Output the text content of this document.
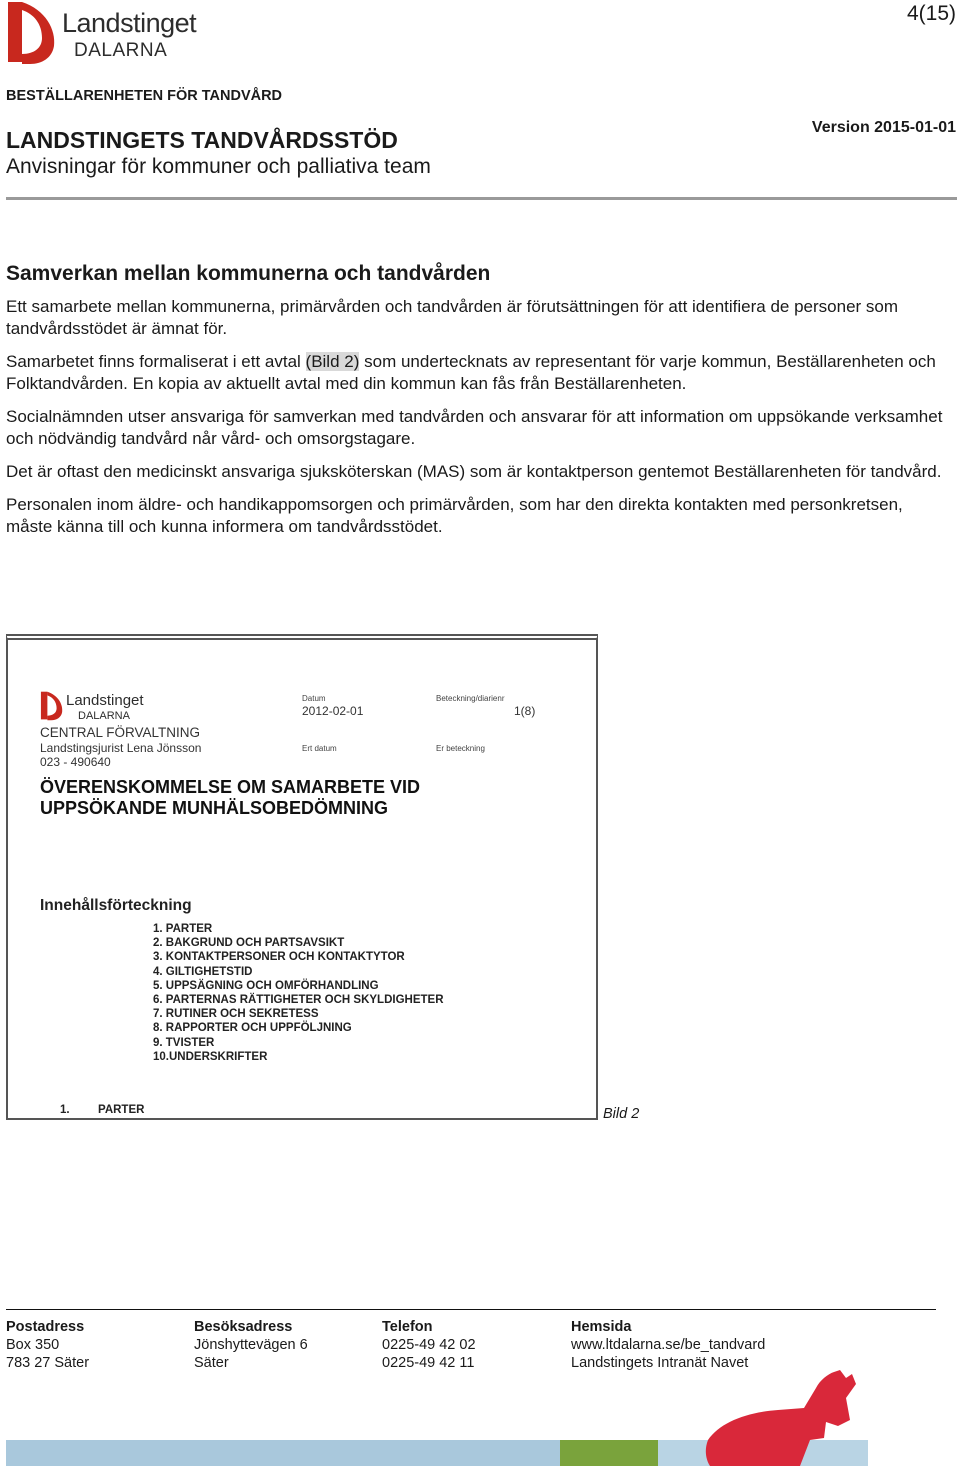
Landstinget
DALARNA
4(15)
BESTÄLLARENHETEN FÖR TANDVÅRD
LANDSTINGETS TANDVÅRDSSTÖD
Anvisningar för kommuner och palliativa team
Version 2015-01-01
Samverkan mellan kommunerna och tandvården

Ett samarbete mellan kommunerna, primärvården och tandvården är förutsättningen för att identifiera de personer som tandvårdsstödet är ämnat för.

Samarbetet finns formaliserat i ett avtal (Bild 2) som undertecknats av representant för varje kommun, Beställarenheten och Folktandvården. En kopia av aktuellt avtal med din kommun kan fås från Beställarenheten.

Socialnämnden utser ansvariga för samverkan med tandvården och ansvarar för att information om uppsökande verksamhet och nödvändig tandvård når vård- och omsorgstagare.

Det är oftast den medicinskt ansvariga sjuksköterskan (MAS) som är kontaktperson gentemot Beställarenheten för tandvård.

Personalen inom äldre- och handikappomsorgen och primärvården, som har den direkta kontakten med personkretsen, måste känna till och kunna informera om tandvårdsstödet.

Landstinget
DALARNA
CENTRAL FÖRVALTNING
Landstingsjurist Lena Jönsson
023 - 490640
Datum
2012-02-01
Beteckning/diarienr
1(8)
Ert datum	Er beteckning
ÖVERENSKOMMELSE OM SAMARBETE VID
UPPSÖKANDE MUNHÄLSOBEDÖMNING
Innehållsförteckning
1. PARTER
2. BAKGRUND OCH PARTSAVSIKT
3. KONTAKTPERSONER OCH KONTAKTYTOR
4. GILTIGHETSTID
5. UPPSÄGNING OCH OMFÖRHANDLING
6. PARTERNAS RÄTTIGHETER OCH SKYLDIGHETER
7. RUTINER OCH SEKRETESS
8. RAPPORTER OCH UPPFÖLJNING
9. TVISTER
10.UNDERSKRIFTER
1. PARTER	Bild 2
Postadress
Box 350
783 27 Säter
Besöksadress
Jönshyttevägen 6
Säter
Telefon
0225-49 42 02
0225-49 42 11
Hemsida
www.ltdalarna.se/be_tandvard
Landstingets Intranät Navet
